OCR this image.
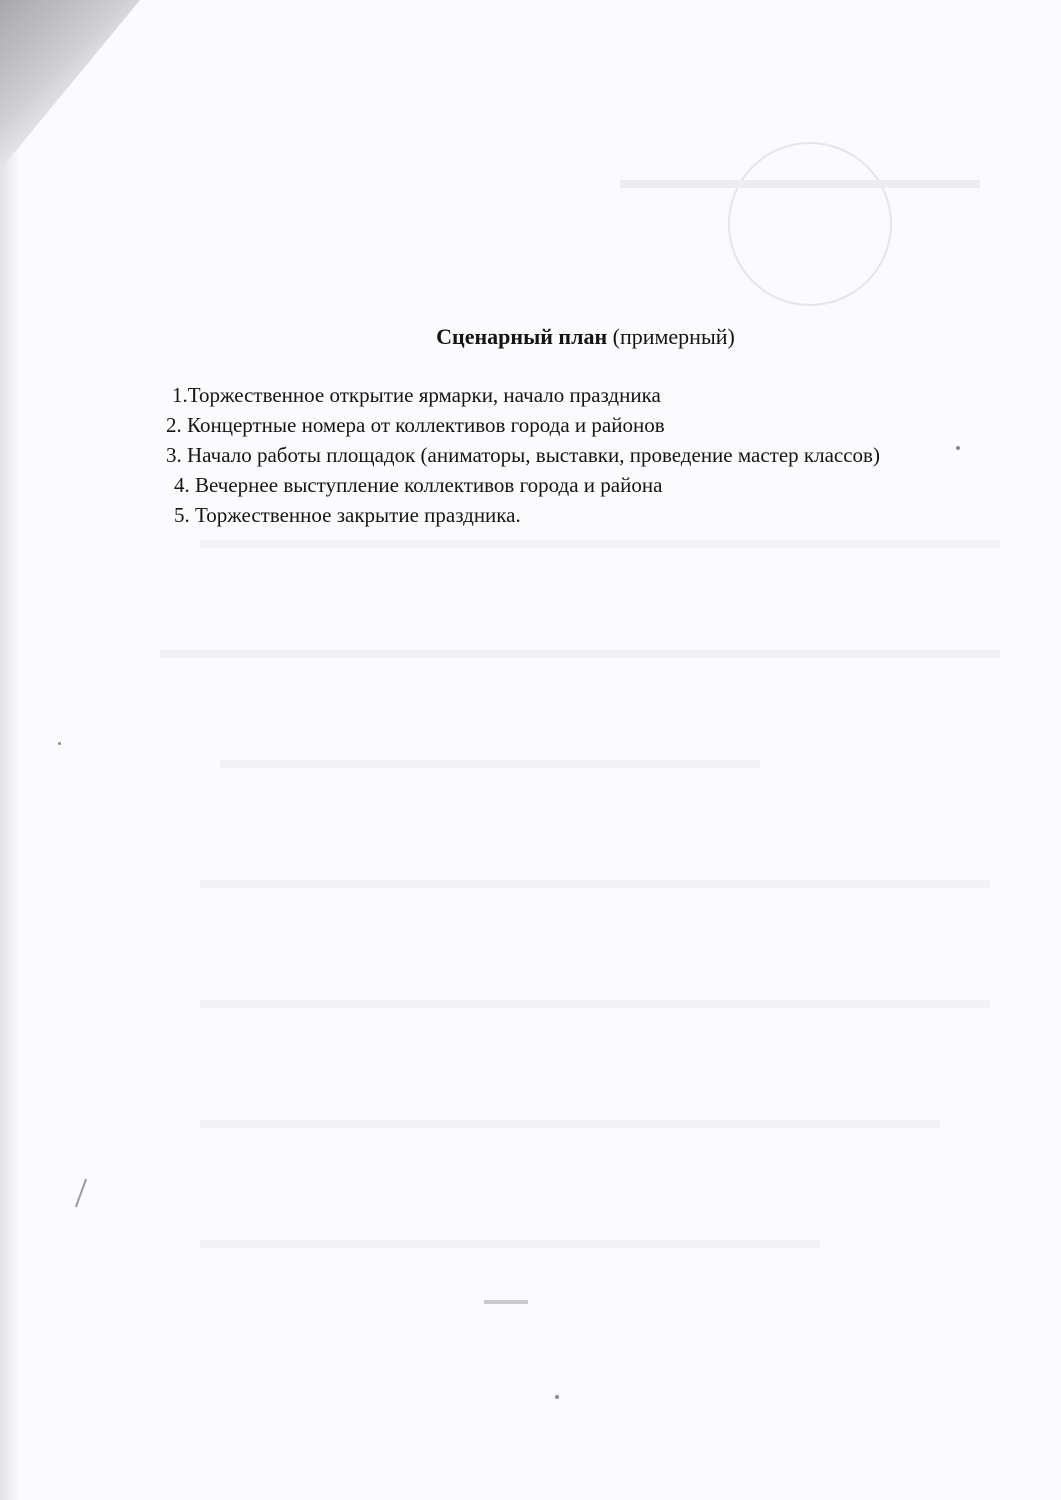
Сценарный план (примерный)
1.Торжественное открытие ярмарки, начало праздника
2. Концертные номера от коллективов города и районов
3. Начало работы площадок (аниматоры, выставки, проведение мастер классов)
4. Вечернее выступление коллективов города и района
5. Торжественное закрытие праздника.
